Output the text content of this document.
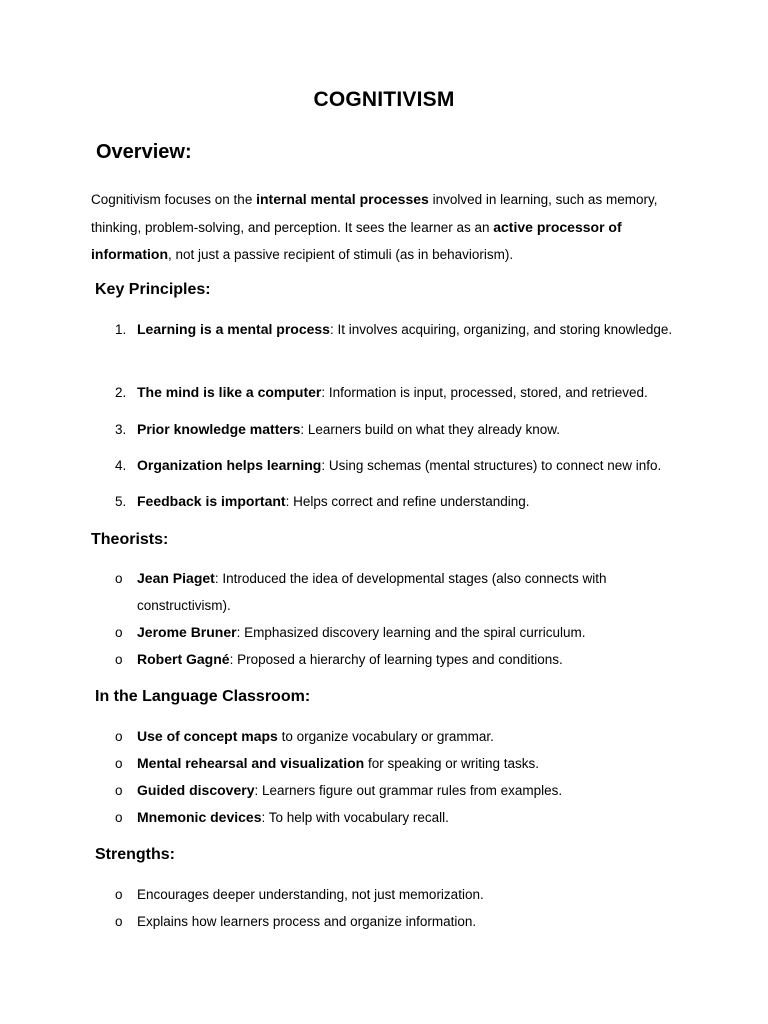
COGNITIVISM
Overview:
Cognitivism focuses on the internal mental processes involved in learning, such as memory, thinking, problem-solving, and perception. It sees the learner as an active processor of information, not just a passive recipient of stimuli (as in behaviorism).
Key Principles:
1. Learning is a mental process: It involves acquiring, organizing, and storing knowledge.
2. The mind is like a computer: Information is input, processed, stored, and retrieved.
3. Prior knowledge matters: Learners build on what they already know.
4. Organization helps learning: Using schemas (mental structures) to connect new info.
5. Feedback is important: Helps correct and refine understanding.
Theorists:
o Jean Piaget: Introduced the idea of developmental stages (also connects with constructivism).
o Jerome Bruner: Emphasized discovery learning and the spiral curriculum.
o Robert Gagné: Proposed a hierarchy of learning types and conditions.
In the Language Classroom:
o Use of concept maps to organize vocabulary or grammar.
o Mental rehearsal and visualization for speaking or writing tasks.
o Guided discovery: Learners figure out grammar rules from examples.
o Mnemonic devices: To help with vocabulary recall.
Strengths:
o Encourages deeper understanding, not just memorization.
o Explains how learners process and organize information.
